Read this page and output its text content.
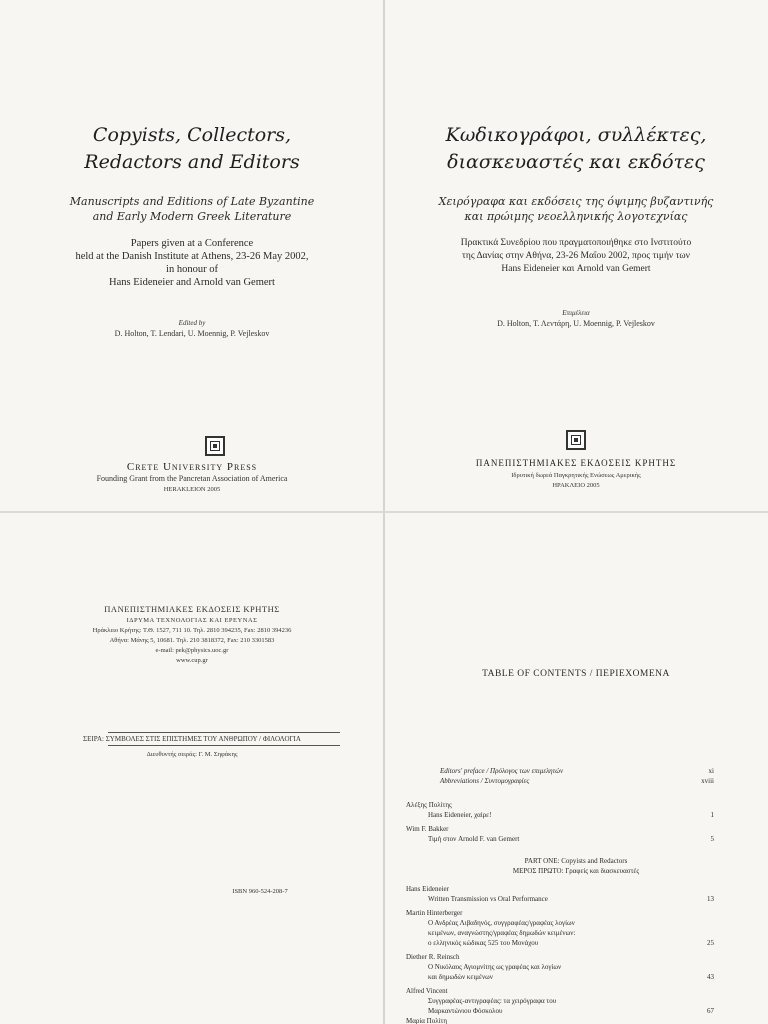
Copyists, Collectors,
Redactors and Editors
Manuscripts and Editions of Late Byzantine
and Early Modern Greek Literature
Papers given at a Conference
held at the Danish Institute at Athens, 23-26 May 2002,
in honour of
Hans Eideneier and Arnold van Gemert
Edited by
D. Holton, T. Lendari, U. Moennig, P. Vejleskov
Crete University Press
Founding Grant from the Pancretan Association of America
HERAKLEION 2005
Κωδικογράφοι, συλλέκτες,
διασκευαστές και εκδότες
Χειρόγραφα και εκδόσεις της όψιμης βυζαντινής
και πρώιμης νεοελληνικής λογοτεχνίας
Πρακτικά Συνεδρίου που πραγματοποιήθηκε στο Ινστιτούτο
της Δανίας στην Αθήνα, 23-26 Μαΐου 2002, προς τιμήν των
Hans Eideneier και Arnold van Gemert
Επιμέλεια
D. Holton, Τ. Λεντάρη, U. Moennig, P. Vejleskov
ΠΑΝΕΠΙΣΤΗΜΙΑΚΕΣ ΕΚΔΟΣΕΙΣ ΚΡΗΤΗΣ
Ιδρυτική δωρεά Παγκρητικής Ενώσεως Αμερικής
ΗΡΑΚΛΕΙΟ 2005
ΠΑΝΕΠΙΣΤΗΜΙΑΚΕΣ ΕΚΔΟΣΕΙΣ ΚΡΗΤΗΣ
ΙΔΡΥΜΑ ΤΕΧΝΟΛΟΓΙΑΣ ΚΑΙ ΕΡΕΥΝΑΣ
Ηράκλειο Κρήτης: Τ.Θ. 1527, 711 10. Τηλ. 2810 394235, Fax: 2810 394236
Αθήνα: Μάνης 5, 10681. Τηλ. 210 3818372, Fax: 210 3301583
e-mail: pek@physics.uoc.gr
www.cup.gr
ΣΕΙΡΑ: ΣΥΜΒΟΛΕΣ ΣΤΙΣ ΕΠΙΣΤΗΜΕΣ ΤΟΥ ΑΝΘΡΩΠΟΥ / ΦΙΛΟΛΟΓΙΑ
Διευθυντής σειράς: Γ. Μ. Σηφάκης
ISBN 960-524-208-7
TABLE OF CONTENTS / ΠΕΡΙΕΧΟΜΕΝΑ
Editors' preface / Πρόλογος των επιμελητών	xi
Abbreviations / Συντομογραφίες	xviii
Αλέξης Πολίτης
Hans Eideneier, χαίρε!	1
Wim F. Bakker
Τιμή στον Arnold F. van Gemert	5
PART ONE: Copyists and Redactors
ΜΕΡΟΣ ΠΡΩΤΟ: Γραφείς και διασκευαστές
Hans Eideneier
Written Transmission vs Oral Performance	13
Martin Hinterberger
Ο Ανδρέας Λιβαδηνός, συγγραφέας/γραφέας λογίων
κειμένων, αναγνώστης/γραφέας δημωδών κειμένων:
ο ελληνικός κώδικας 525 του Μονάχου	25
Diether R. Reinsch
Ο Νικόλαος Αγιομνίτης ως γραφέας και λογίων
και δημωδών κειμένων	43
Alfred Vincent
Συγγραφέας-αντιγραφέας: τα χειρόγραφα του
Μαρκαντώνιου Φόσκολου	67
Μαρία Πολίτη
